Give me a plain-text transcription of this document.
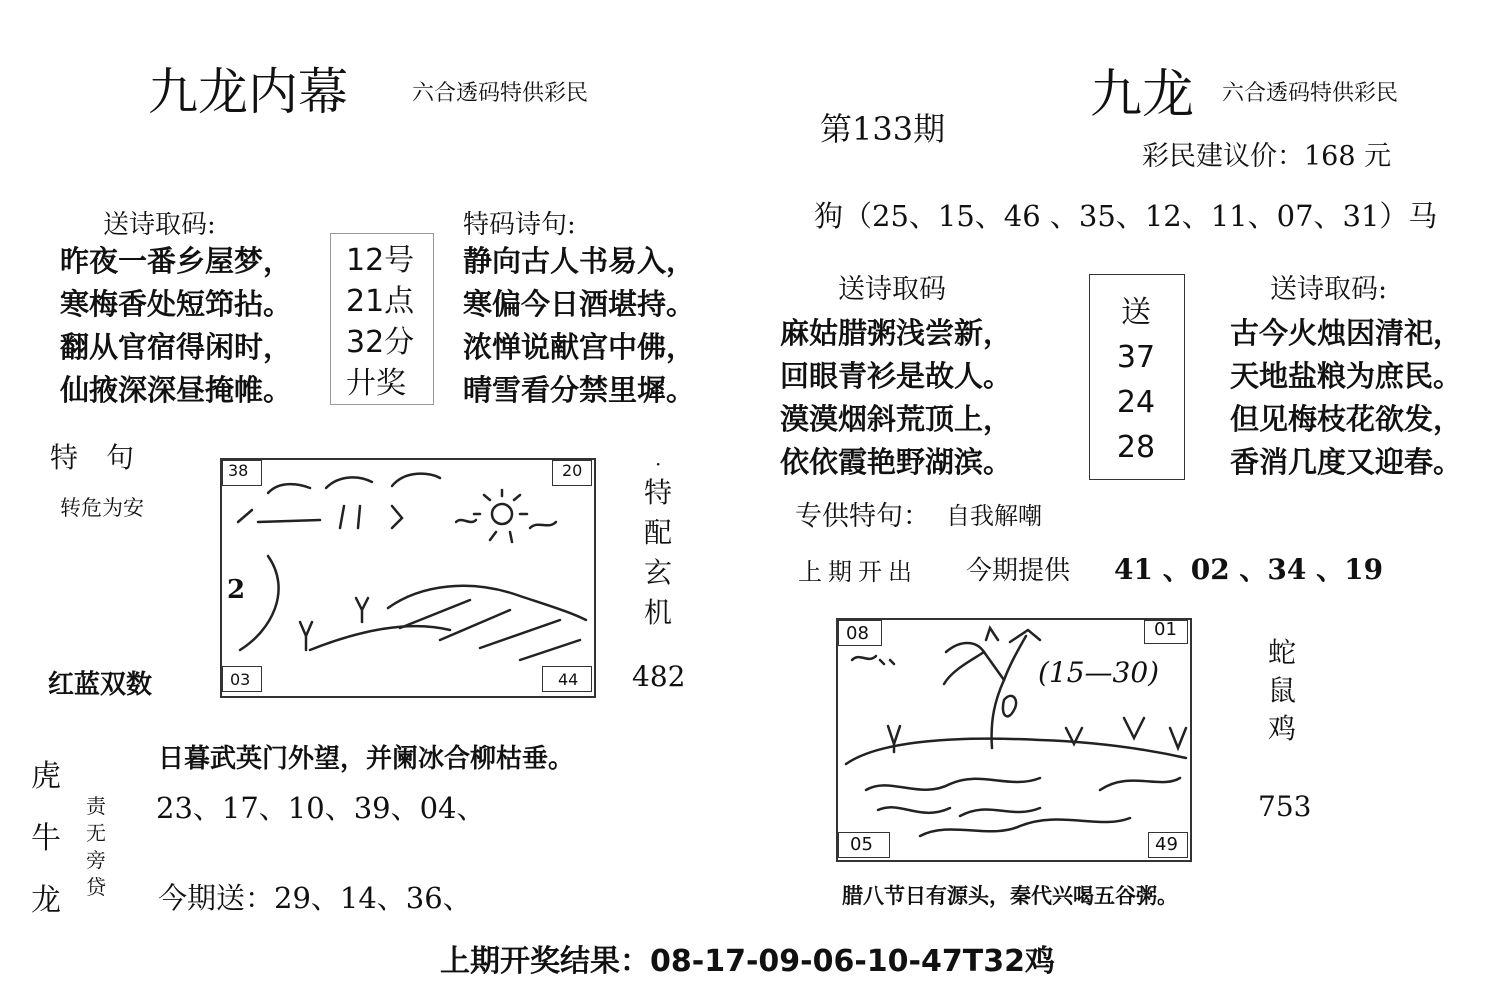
九龙内幕	六合透码特供彩民
送诗取码:
昨夜一番乡屋梦，
寒梅香处短笻拈。
翻从官宿得闲时，
仙掖深深昼掩帷。
12号
21点
32分
廾奖
特码诗句:
静向古人书易入，
寒偏今日酒堪持。
浓惮说献宫中佛，
晴雪看分禁里墀。
特　句
转危为安
红蓝双数
38	20
03	44
2
·
特
配
玄
机
482
虎
牛
龙
责
无
旁
贷
日暮武英门外望，并阑冰合柳枯垂。
23、17、10、39、04、
今期送：29、14、36、
第133期
九龙 六合透码特供彩民
彩民建议价：168 元
狗（25、15、46 、35、12、11、07、31）马
送诗取码
麻姑腊粥浅尝新，
回眼青衫是故人。
漠漠烟斜荒顶上，
依依霞艳野湖滨。
送
37
24
28
送诗取码:
古今火烛因清祀，
天地盐粮为庶民。
但见梅枝花欲发，
香消几度又迎春。
专供特句： 自我解嘲
上期开出 今期提供 41 、02 、34 、19
08	01
05	49
(15—30)
蛇
鼠
鸡
753
腊八节日有源头，秦代兴喝五谷粥。
上期开奖结果：08-17-09-06-10-47T32鸡
